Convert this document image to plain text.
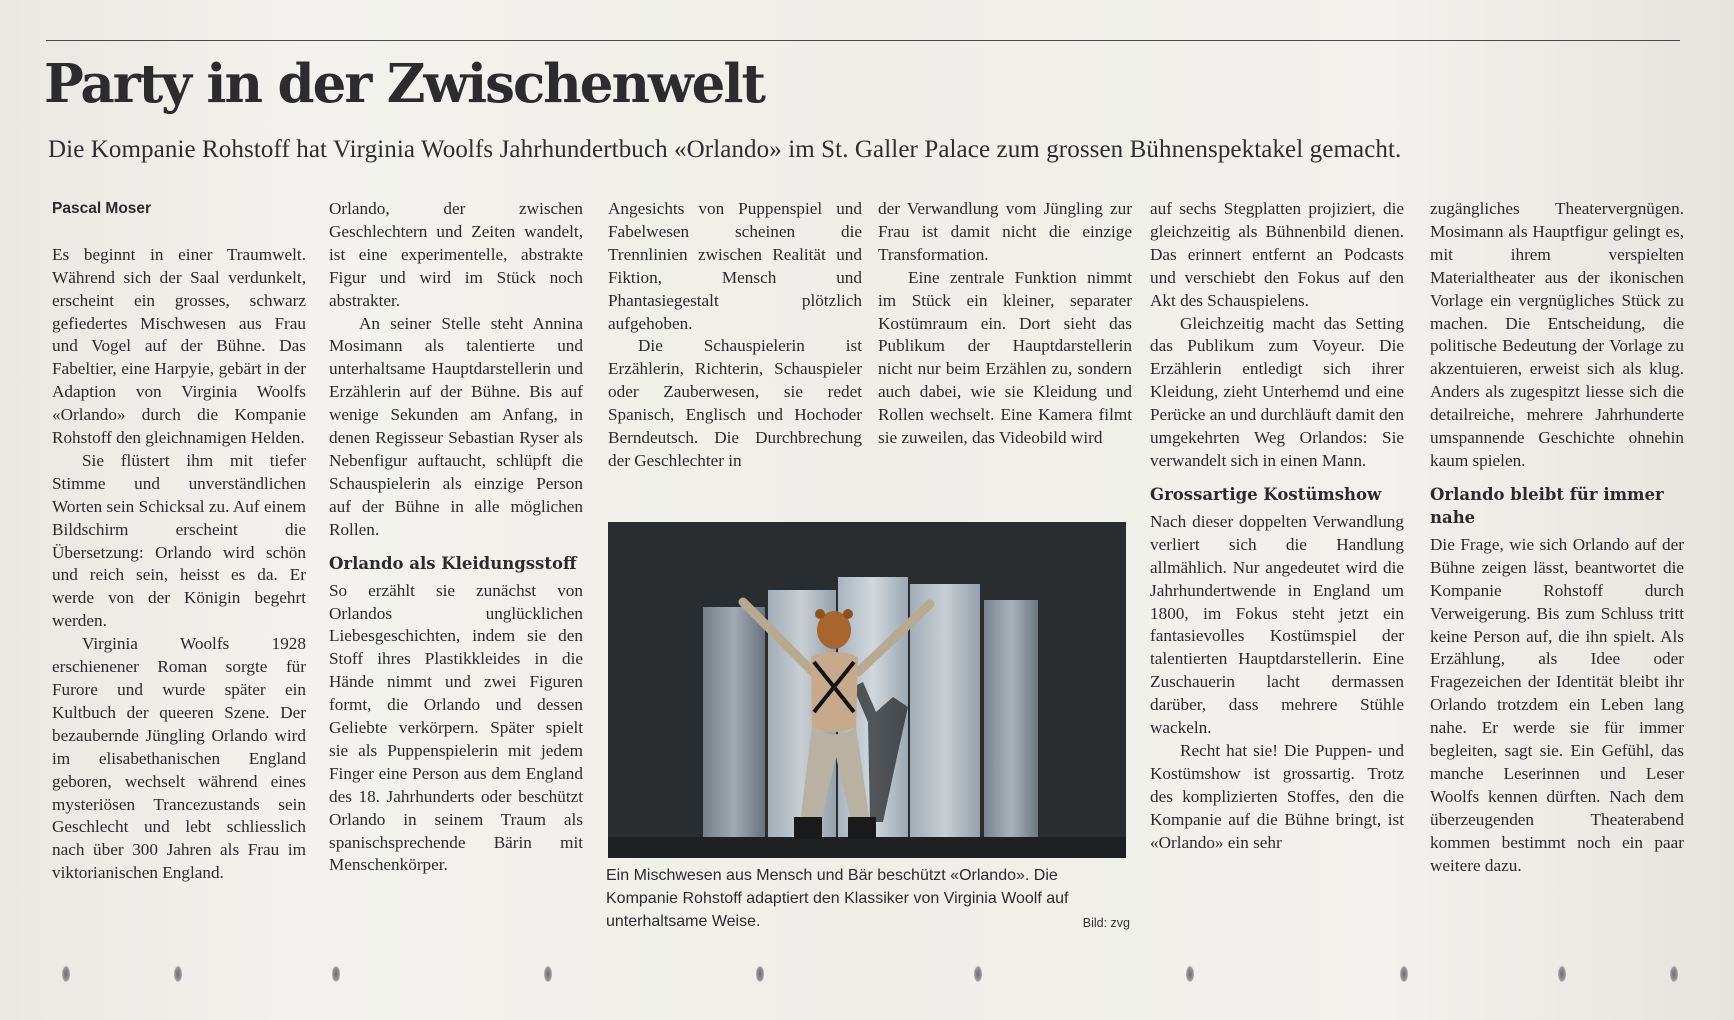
Party in der Zwischenwelt

Die Kompanie Rohstoff hat Virginia Woolfs Jahrhundertbuch «Orlando» im St. Galler Palace zum grossen Bühnenspektakel gemacht.

Pascal Moser

Es beginnt in einer Traumwelt. Während sich der Saal verdunkelt, erscheint ein grosses, schwarz gefiedertes Mischwesen aus Frau und Vogel auf der Bühne. Das Fabeltier, eine Harpyie, gebärt in der Adaption von Virginia Woolfs «Orlando» durch die Kompanie Rohstoff den gleichnamigen Helden.

Sie flüstert ihm mit tiefer Stimme und unverständlichen Worten sein Schicksal zu. Auf einem Bildschirm erscheint die Übersetzung: Orlando wird schön und reich sein, heisst es da. Er werde von der Königin begehrt werden.

Virginia Woolfs 1928 erschienener Roman sorgte für Furore und wurde später ein Kultbuch der queeren Szene. Der bezaubernde Jüngling Orlando wird im elisabethanischen England geboren, wechselt während eines mysteriösen Trancezustands sein Geschlecht und lebt schliesslich nach über 300 Jahren als Frau im viktorianischen England.

Orlando, der zwischen Geschlechtern und Zeiten wandelt, ist eine experimentelle, abstrakte Figur und wird im Stück noch abstrakter.

An seiner Stelle steht Annina Mosimann als talentierte und unterhaltsame Hauptdarstellerin und Erzählerin auf der Bühne. Bis auf wenige Sekunden am Anfang, in denen Regisseur Sebastian Ryser als Nebenfigur auftaucht, schlüpft die Schauspielerin als einzige Person auf der Bühne in alle möglichen Rollen.

Orlando als Kleidungsstoff

So erzählt sie zunächst von Orlandos unglücklichen Liebesgeschichten, indem sie den Stoff ihres Plastikkleides in die Hände nimmt und zwei Figuren formt, die Orlando und dessen Geliebte verkörpern. Später spielt sie als Puppenspielerin mit jedem Finger eine Person aus dem England des 18. Jahrhunderts oder beschützt Orlando in seinem Traum als spanischsprechende Bärin mit Menschenkörper.

Angesichts von Puppenspiel und Fabelwesen scheinen die Trennlinien zwischen Realität und Fiktion, Mensch und Phantasiegestalt plötzlich aufgehoben.

Die Schauspielerin ist Erzählerin, Richterin, Schauspieler oder Zauberwesen, sie redet Spanisch, Englisch und Hochoder Berndeutsch. Die Durchbrechung der Geschlechter in

der Verwandlung vom Jüngling zur Frau ist damit nicht die einzige Transformation.

Eine zentrale Funktion nimmt im Stück ein kleiner, separater Kostümraum ein. Dort sieht das Publikum der Hauptdarstellerin nicht nur beim Erzählen zu, sondern auch dabei, wie sie Kleidung und Rollen wechselt. Eine Kamera filmt sie zuweilen, das Videobild wird

Ein Mischwesen aus Mensch und Bär beschützt «Orlando». Die Kompanie Rohstoff adaptiert den Klassiker von Virginia Woolf auf unterhaltsame Weise.	Bild: zvg

auf sechs Stegplatten projiziert, die gleichzeitig als Bühnenbild dienen. Das erinnert entfernt an Podcasts und verschiebt den Fokus auf den Akt des Schauspielens.

Gleichzeitig macht das Setting das Publikum zum Voyeur. Die Erzählerin entledigt sich ihrer Kleidung, zieht Unterhemd und eine Perücke an und durchläuft damit den umgekehrten Weg Orlandos: Sie verwandelt sich in einen Mann.

Grossartige Kostümshow

Nach dieser doppelten Verwandlung verliert sich die Handlung allmählich. Nur angedeutet wird die Jahrhundertwende in England um 1800, im Fokus steht jetzt ein fantasievolles Kostümspiel der talentierten Hauptdarstellerin. Eine Zuschauerin lacht dermassen darüber, dass mehrere Stühle wackeln.

Recht hat sie! Die Puppen- und Kostümshow ist grossartig. Trotz des komplizierten Stoffes, den die Kompanie auf die Bühne bringt, ist «Orlando» ein sehr

zugängliches Theatervergnügen. Mosimann als Hauptfigur gelingt es, mit ihrem verspielten Materialtheater aus der ikonischen Vorlage ein vergnügliches Stück zu machen. Die Entscheidung, die politische Bedeutung der Vorlage zu akzentuieren, erweist sich als klug. Anders als zugespitzt liesse sich die detailreiche, mehrere Jahrhunderte umspannende Geschichte ohnehin kaum spielen.

Orlando bleibt für immer nahe

Die Frage, wie sich Orlando auf der Bühne zeigen lässt, beantwortet die Kompanie Rohstoff durch Verweigerung. Bis zum Schluss tritt keine Person auf, die ihn spielt. Als Erzählung, als Idee oder Fragezeichen der Identität bleibt ihr Orlando trotzdem ein Leben lang nahe. Er werde sie für immer begleiten, sagt sie. Ein Gefühl, das manche Leserinnen und Leser Woolfs kennen dürften. Nach dem überzeugenden Theaterabend kommen bestimmt noch ein paar weitere dazu.
